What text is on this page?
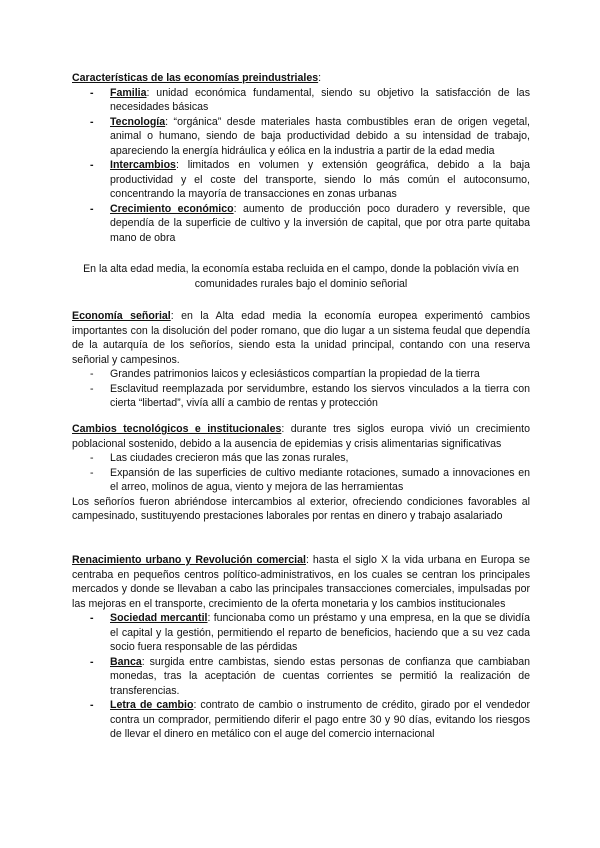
Características de las economías preindustriales:

- Familia: unidad económica fundamental, siendo su objetivo la satisfacción de las necesidades básicas
- Tecnología: “orgánica” desde materiales hasta combustibles eran de origen vegetal, animal o humano, siendo de baja productividad debido a su intensidad de trabajo, apareciendo la energía hidráulica y eólica en la industria a partir de la edad media
- Intercambios: limitados en volumen y extensión geográfica, debido a la baja productividad y el coste del transporte, siendo lo más común el autoconsumo, concentrando la mayoría de transacciones en zonas urbanas
- Crecimiento económico: aumento de producción poco duradero y reversible, que dependía de la superficie de cultivo y la inversión de capital, que por otra parte quitaba mano de obra

En la alta edad media, la economía estaba recluida en el campo, donde la población vivía en comunidades rurales bajo el dominio señorial

Economía señorial: en la Alta edad media la economía europea experimentó cambios importantes con la disolución del poder romano, que dio lugar a un sistema feudal que dependía de la autarquía de los señoríos, siendo esta la unidad principal, contando con una reserva señorial y campesinos.

- Grandes patrimonios laicos y eclesiásticos compartían la propiedad de la tierra
- Esclavitud reemplazada por servidumbre, estando los siervos vinculados a la tierra con cierta “libertad”, vivía allí a cambio de rentas y protección

Cambios tecnológicos e institucionales: durante tres siglos europa vivió un crecimiento poblacional sostenido, debido a la ausencia de epidemias y crisis alimentarias significativas

- Las ciudades crecieron más que las zonas rurales,
- Expansión de las superficies de cultivo mediante rotaciones, sumado a innovaciones en el arreo, molinos de agua, viento y mejora de las herramientas

Los señoríos fueron abriéndose intercambios al exterior, ofreciendo condiciones favorables al campesinado, sustituyendo prestaciones laborales por rentas en dinero y trabajo asalariado

Renacimiento urbano y Revolución comercial: hasta el siglo X la vida urbana en Europa se centraba en pequeños centros político-administrativos, en los cuales se centran los principales mercados y donde se llevaban a cabo las principales transacciones comerciales, impulsadas por las mejoras en el transporte, crecimiento de la oferta monetaria y los cambios institucionales

- Sociedad mercantil: funcionaba como un préstamo y una empresa, en la que se dividía el capital y la gestión, permitiendo el reparto de beneficios, haciendo que a su vez cada socio fuera responsable de las pérdidas
- Banca: surgida entre cambistas, siendo estas personas de confianza que cambiaban monedas, tras la aceptación de cuentas corrientes se permitió la realización de transferencias.
- Letra de cambio: contrato de cambio o instrumento de crédito, girado por el vendedor contra un comprador, permitiendo diferir el pago entre 30 y 90 días, evitando los riesgos de llevar el dinero en metálico con el auge del comercio internacional
